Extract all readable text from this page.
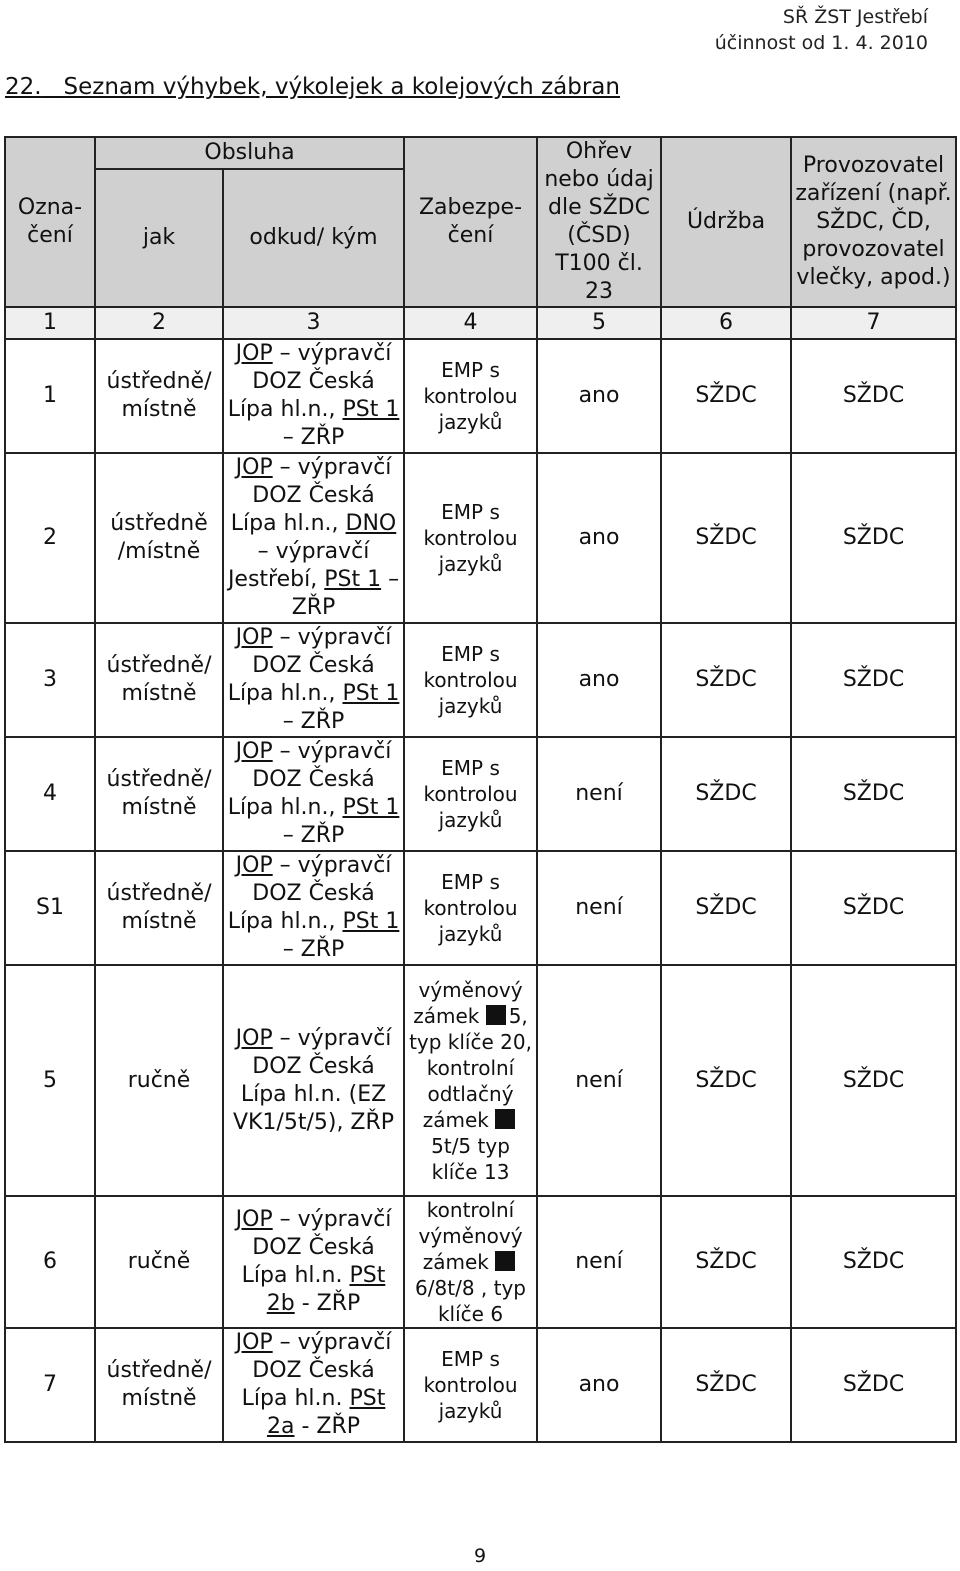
SŘ ŽST Jestřebí
účinnost od 1. 4. 2010
22. Seznam výhybek, výkolejek a kolejových zábran
Ozna- čení	Obsluha		Zabezpe- čení	Ohřev nebo údaj dle SŽDC (ČSD) T100 čl. 23	Údržba	Provozovatel zařízení (např. SŽDC, ČD, provozovatel vlečky, apod.)
	jak	odkud/ kým				
1	2	3	4	5	6	7
1	ústředně/ místně	JOP – výpravčí DOZ Česká Lípa hl.n., PSt 1 – ZŘP	EMP s kontrolou jazyků	ano	SŽDC	SŽDC
2	ústředně /místně	JOP – výpravčí DOZ Česká Lípa hl.n., DNO – výpravčí Jestřebí, PSt 1 – ZŘP	EMP s kontrolou jazyků	ano	SŽDC	SŽDC
3	ústředně/ místně	JOP – výpravčí DOZ Česká Lípa hl.n., PSt 1 – ZŘP	EMP s kontrolou jazyků	ano	SŽDC	SŽDC
4	ústředně/ místně	JOP – výpravčí DOZ Česká Lípa hl.n., PSt 1 – ZŘP	EMP s kontrolou jazyků	není	SŽDC	SŽDC
S1	ústředně/ místně	JOP – výpravčí DOZ Česká Lípa hl.n., PSt 1 – ZŘP	EMP s kontrolou jazyků	není	SŽDC	SŽDC
5	ručně	JOP – výpravčí DOZ Česká Lípa hl.n. (EZ VK1/5t/5), ZŘP	výměnový zámek 5, typ klíče 20, kontrolní odtlačný zámek 5t/5 typ klíče 13	není	SŽDC	SŽDC
6	ručně	JOP – výpravčí DOZ Česká Lípa hl.n. PSt 2b - ZŘP	kontrolní výměnový zámek 6/8t/8 , typ klíče 6	není	SŽDC	SŽDC
7	ústředně/ místně	JOP – výpravčí DOZ Česká Lípa hl.n. PSt 2a - ZŘP	EMP s kontrolou jazyků	ano	SŽDC	SŽDC
9
